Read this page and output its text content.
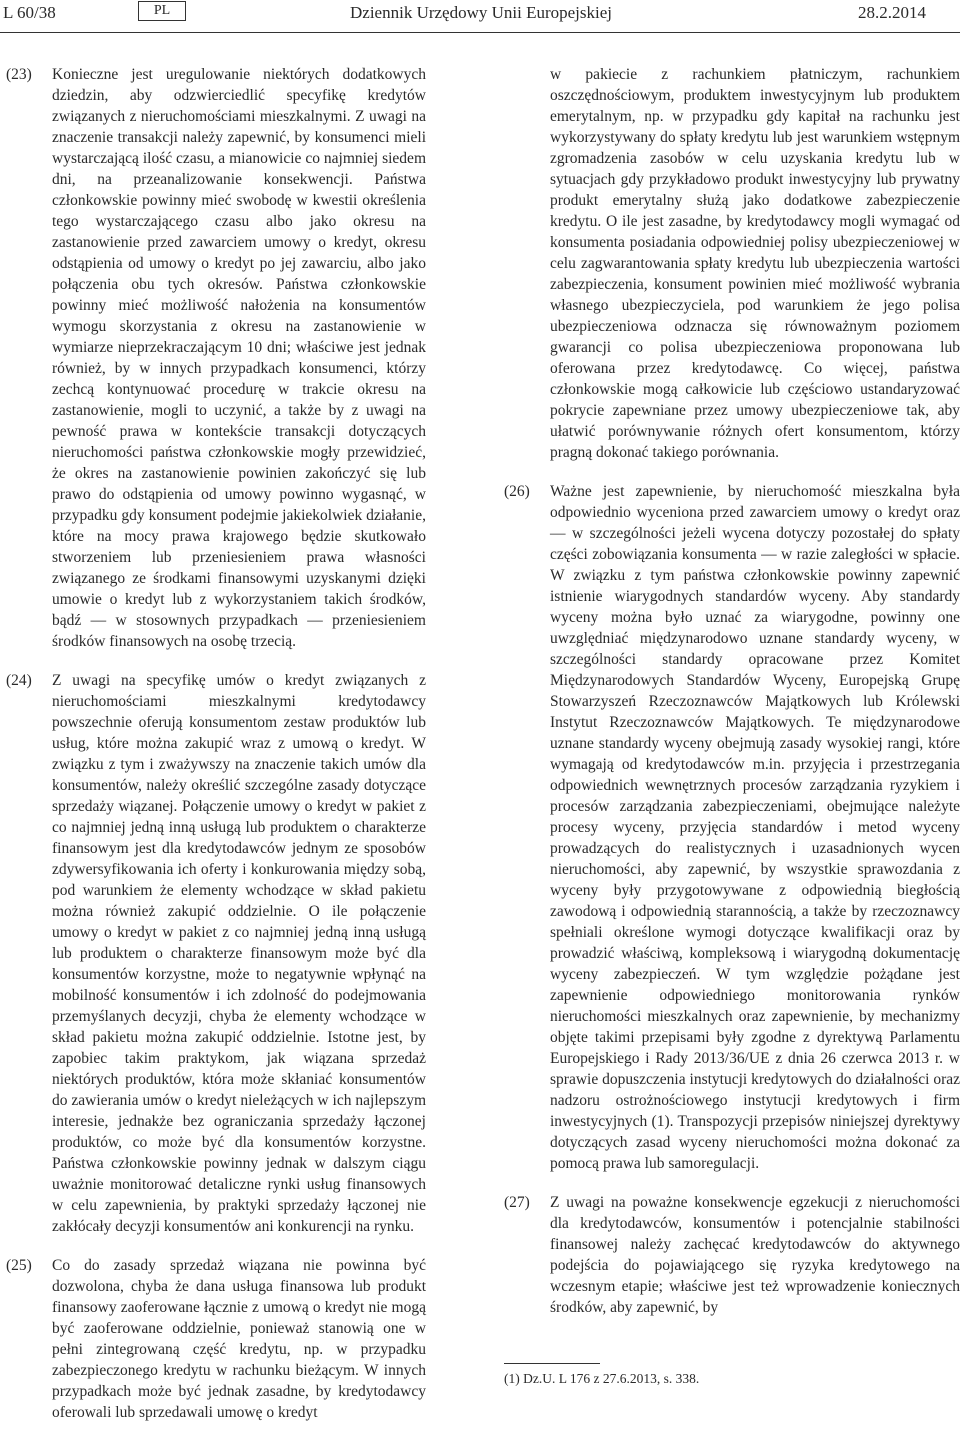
L 60/38	PL	Dziennik Urzędowy Unii Europejskiej	28.2.2014
(23)	Konieczne jest uregulowanie niektórych dodatkowych dziedzin, aby odzwierciedlić specyfikę kredytów związanych z nieruchomościami mieszkalnymi. Z uwagi na znaczenie transakcji należy zapewnić, by konsumenci mieli wystarczającą ilość czasu, a mianowicie co najmniej siedem dni, na przeanalizowanie konsekwencji. Państwa członkowskie powinny mieć swobodę w kwestii określenia tego wystarczającego czasu albo jako okresu na zastanowienie przed zawarciem umowy o kredyt, okresu odstąpienia od umowy o kredyt po jej zawarciu, albo jako połączenia obu tych okresów. Państwa członkowskie powinny mieć możliwość nałożenia na konsumentów wymogu skorzystania z okresu na zastanowienie w wymiarze nieprzekraczającym 10 dni; właściwe jest jednak również, by w innych przypadkach konsumenci, którzy zechcą kontynuować procedurę w trakcie okresu na zastanowienie, mogli to uczynić, a także by z uwagi na pewność prawa w kontekście transakcji dotyczących nieruchomości państwa członkowskie mogły przewidzieć, że okres na zastanowienie powinien zakończyć się lub prawo do odstąpienia od umowy powinno wygasnąć, w przypadku gdy konsument podejmie jakiekolwiek działanie, które na mocy prawa krajowego będzie skutkowało stworzeniem lub przeniesieniem prawa własności związanego ze środkami finansowymi uzyskanymi dzięki umowie o kredyt lub z wykorzystaniem takich środków, bądź — w stosownych przypadkach — przeniesieniem środków finansowych na osobę trzecią.
(24)	Z uwagi na specyfikę umów o kredyt związanych z nieruchomościami mieszkalnymi kredytodawcy powszechnie oferują konsumentom zestaw produktów lub usług, które można zakupić wraz z umową o kredyt. W związku z tym i zważywszy na znaczenie takich umów dla konsumentów, należy określić szczególne zasady dotyczące sprzedaży wiązanej. Połączenie umowy o kredyt w pakiet z co najmniej jedną inną usługą lub produktem o charakterze finansowym jest dla kredytodawców jednym ze sposobów zdywersyfikowania ich oferty i konkurowania między sobą, pod warunkiem że elementy wchodzące w skład pakietu można również zakupić oddzielnie. O ile połączenie umowy o kredyt w pakiet z co najmniej jedną inną usługą lub produktem o charakterze finansowym może być dla konsumentów korzystne, może to negatywnie wpłynąć na mobilność konsumentów i ich zdolność do podejmowania przemyślanych decyzji, chyba że elementy wchodzące w skład pakietu można zakupić oddzielnie. Istotne jest, by zapobiec takim praktykom, jak wiązana sprzedaż niektórych produktów, która może skłaniać konsumentów do zawierania umów o kredyt nieleżących w ich najlepszym interesie, jednakże bez ograniczania sprzedaży łączonej produktów, co może być dla konsumentów korzystne. Państwa członkowskie powinny jednak w dalszym ciągu uważnie monitorować detaliczne rynki usług finansowych w celu zapewnienia, by praktyki sprzedaży łączonej nie zakłócały decyzji konsumentów ani konkurencji na rynku.
(25)	Co do zasady sprzedaż wiązana nie powinna być dozwolona, chyba że dana usługa finansowa lub produkt finansowy zaoferowane łącznie z umową o kredyt nie mogą być zaoferowane oddzielnie, ponieważ stanowią one w pełni zintegrowaną część kredytu, np. w przypadku zabezpieczonego kredytu w rachunku bieżącym. W innych przypadkach może być jednak zasadne, by kredytodawcy oferowali lub sprzedawali umowę o kredyt
w pakiecie z rachunkiem płatniczym, rachunkiem oszczędnościowym, produktem inwestycyjnym lub produktem emerytalnym, np. w przypadku gdy kapitał na rachunku jest wykorzystywany do spłaty kredytu lub jest warunkiem wstępnym zgromadzenia zasobów w celu uzyskania kredytu lub w sytuacjach gdy przykładowo produkt inwestycyjny lub prywatny produkt emerytalny służą jako dodatkowe zabezpieczenie kredytu. O ile jest zasadne, by kredytodawcy mogli wymagać od konsumenta posiadania odpowiedniej polisy ubezpieczeniowej w celu zagwarantowania spłaty kredytu lub ubezpieczenia wartości zabezpieczenia, konsument powinien mieć możliwość wybrania własnego ubezpieczyciela, pod warunkiem że jego polisa ubezpieczeniowa odznacza się równoważnym poziomem gwarancji co polisa ubezpieczeniowa proponowana lub oferowana przez kredytodawcę. Co więcej, państwa członkowskie mogą całkowicie lub częściowo ustandaryzować pokrycie zapewniane przez umowy ubezpieczeniowe tak, aby ułatwić porównywanie różnych ofert konsumentom, którzy pragną dokonać takiego porównania.
(26)	Ważne jest zapewnienie, by nieruchomość mieszkalna była odpowiednio wyceniona przed zawarciem umowy o kredyt oraz — w szczególności jeżeli wycena dotyczy pozostałej do spłaty części zobowiązania konsumenta — w razie zaległości w spłacie. W związku z tym państwa członkowskie powinny zapewnić istnienie wiarygodnych standardów wyceny. Aby standardy wyceny można było uznać za wiarygodne, powinny one uwzględniać międzynarodowo uznane standardy wyceny, w szczególności standardy opracowane przez Komitet Międzynarodowych Standardów Wyceny, Europejską Grupę Stowarzyszeń Rzeczoznawców Majątkowych lub Królewski Instytut Rzeczoznawców Majątkowych. Te międzynarodowe uznane standardy wyceny obejmują zasady wysokiej rangi, które wymagają od kredytodawców m.in. przyjęcia i przestrzegania odpowiednich wewnętrznych procesów zarządzania ryzykiem i procesów zarządzania zabezpieczeniami, obejmujące należyte procesy wyceny, przyjęcia standardów i metod wyceny prowadzących do realistycznych i uzasadnionych wycen nieruchomości, aby zapewnić, by wszystkie sprawozdania z wyceny były przygotowywane z odpowiednią biegłością zawodową i odpowiednią starannością, a także by rzeczoznawcy spełniali określone wymogi dotyczące kwalifikacji oraz by prowadzić właściwą, kompleksową i wiarygodną dokumentację wyceny zabezpieczeń. W tym względzie pożądane jest zapewnienie odpowiedniego monitorowania rynków nieruchomości mieszkalnych oraz zapewnienie, by mechanizmy objęte takimi przepisami były zgodne z dyrektywą Parlamentu Europejskiego i Rady 2013/36/UE z dnia 26 czerwca 2013 r. w sprawie dopuszczenia instytucji kredytowych do działalności oraz nadzoru ostrożnościowego instytucji kredytowych i firm inwestycyjnych (1). Transpozycji przepisów niniejszej dyrektywy dotyczących zasad wyceny nieruchomości można dokonać za pomocą prawa lub samoregulacji.
(27)	Z uwagi na poważne konsekwencje egzekucji z nieruchomości dla kredytodawców, konsumentów i potencjalnie stabilności finansowej należy zachęcać kredytodawców do aktywnego podejścia do pojawiającego się ryzyka kredytowego na wczesnym etapie; właściwe jest też wprowadzenie koniecznych środków, aby zapewnić, by
(1) Dz.U. L 176 z 27.6.2013, s. 338.
